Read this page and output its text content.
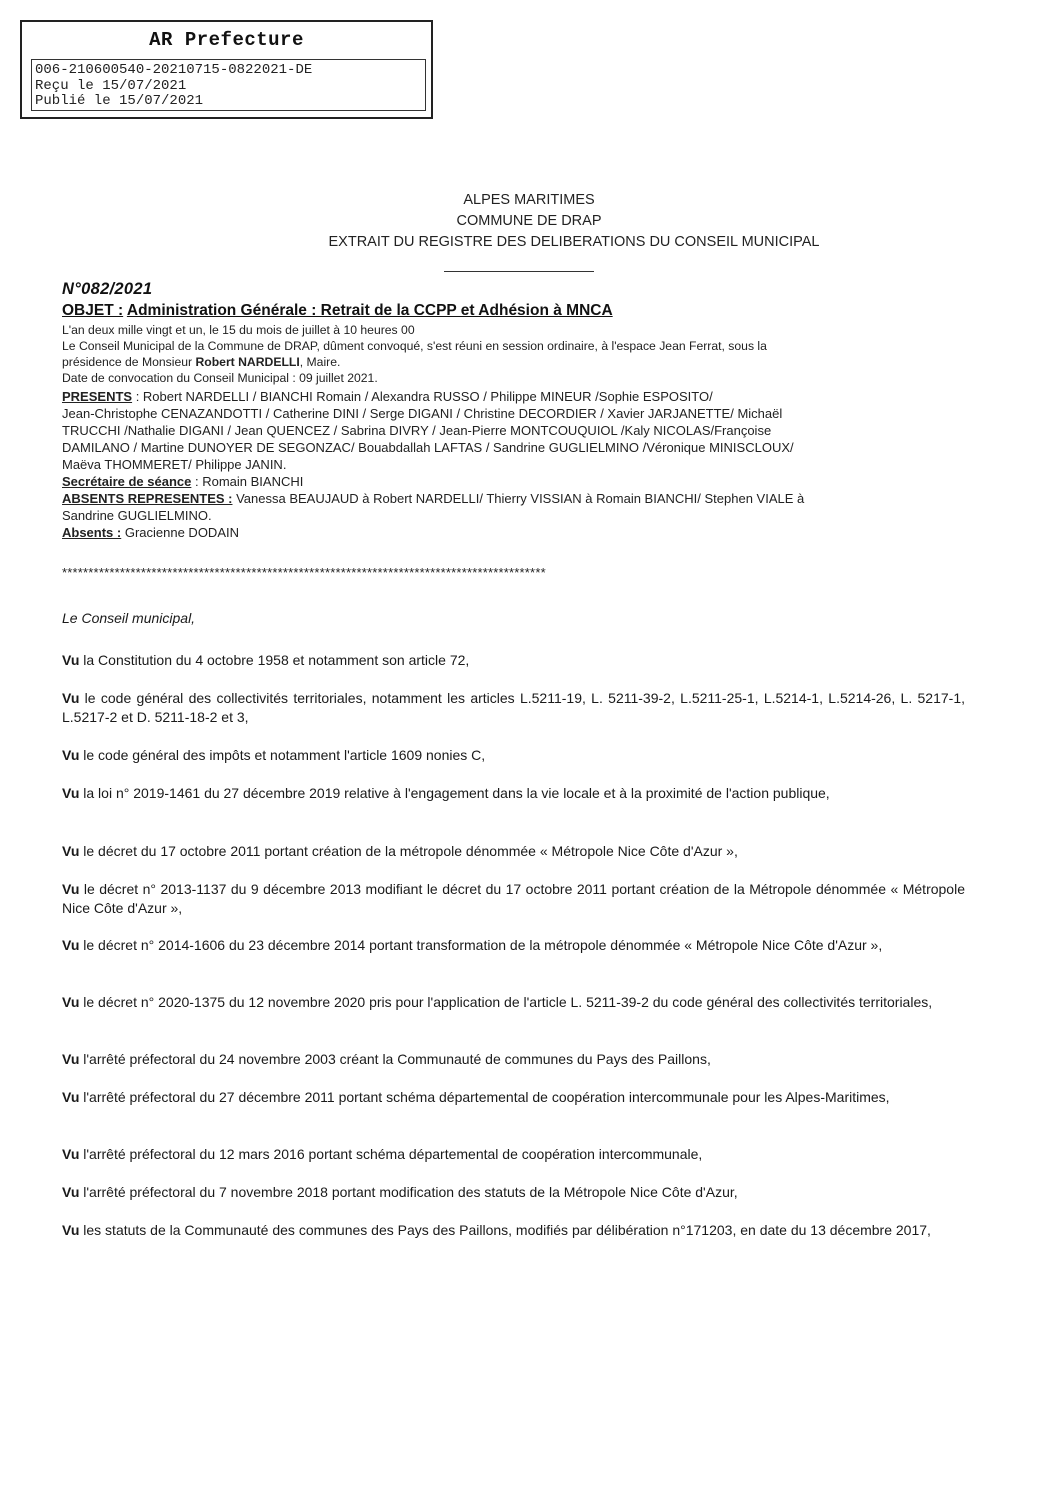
AR Prefecture
006-210600540-20210715-0822021-DE
Reçu le 15/07/2021
Publié le 15/07/2021
ALPES MARITIMES
COMMUNE DE DRAP
EXTRAIT DU REGISTRE DES DELIBERATIONS DU CONSEIL MUNICIPAL
N°082/2021
OBJET : Administration Générale : Retrait de la CCPP et Adhésion à MNCA
L'an deux mille vingt et un, le 15 du mois de juillet à 10 heures 00
Le Conseil Municipal de la Commune de DRAP, dûment convoqué, s'est réuni en session ordinaire, à l'espace Jean Ferrat, sous la
présidence de Monsieur Robert NARDELLI, Maire.
Date de convocation du Conseil Municipal : 09 juillet 2021.
PRESENTS : Robert NARDELLI / BIANCHI Romain / Alexandra RUSSO / Philippe MINEUR /Sophie ESPOSITO/
Jean-Christophe CENAZANDOTTI / Catherine DINI / Serge DIGANI / Christine DECORDIER / Xavier JARJANETTE/ Michaël
TRUCCHI /Nathalie DIGANI / Jean QUENCEZ / Sabrina DIVRY / Jean-Pierre MONTCOUQUIOL /Kaly NICOLAS/Françoise
DAMILANO / Martine DUNOYER DE SEGONZAC/ Bouabdallah LAFTAS / Sandrine GUGLIELMINO /Véronique MINISCLOUX/
Maëva THOMMERET/ Philippe JANIN.
Secrétaire de séance : Romain BIANCHI
ABSENTS REPRESENTES : Vanessa BEAUJAUD à Robert NARDELLI/ Thierry VISSIAN à Romain BIANCHI/ Stephen VIALE à
Sandrine GUGLIELMINO.
Absents : Gracienne DODAIN
********************************************************************************************
Le Conseil municipal,
Vu la Constitution du 4 octobre 1958 et notamment son article 72,
Vu le code général des collectivités territoriales, notamment les articles L.5211-19, L. 5211-39-2, L.5211-25-1, L.5214-1, L.5214-26, L. 5217-1, L.5217-2 et D. 5211-18-2 et 3,
Vu le code général des impôts et notamment l'article 1609 nonies C,
Vu la loi n° 2019-1461 du 27 décembre 2019 relative à l'engagement dans la vie locale et à la proximité de l'action publique,
Vu le décret du 17 octobre 2011 portant création de la métropole dénommée « Métropole Nice Côte d'Azur »,
Vu le décret n° 2013-1137 du 9 décembre 2013 modifiant le décret du 17 octobre 2011 portant création de la Métropole dénommée « Métropole Nice Côte d'Azur »,
Vu le décret n° 2014-1606 du 23 décembre 2014 portant transformation de la métropole dénommée « Métropole Nice Côte d'Azur »,
Vu le décret n° 2020-1375 du 12 novembre 2020 pris pour l'application de l'article L. 5211-39-2 du code général des collectivités territoriales,
Vu l'arrêté préfectoral du 24 novembre 2003 créant la Communauté de communes du Pays des Paillons,
Vu l'arrêté préfectoral du 27 décembre 2011 portant schéma départemental de coopération intercommunale pour les Alpes-Maritimes,
Vu l'arrêté préfectoral du 12 mars 2016 portant schéma départemental de coopération intercommunale,
Vu l'arrêté préfectoral du 7 novembre 2018 portant modification des statuts de la Métropole Nice Côte d'Azur,
Vu les statuts de la Communauté des communes des Pays des Paillons, modifiés par délibération n°171203, en date du 13 décembre 2017,
